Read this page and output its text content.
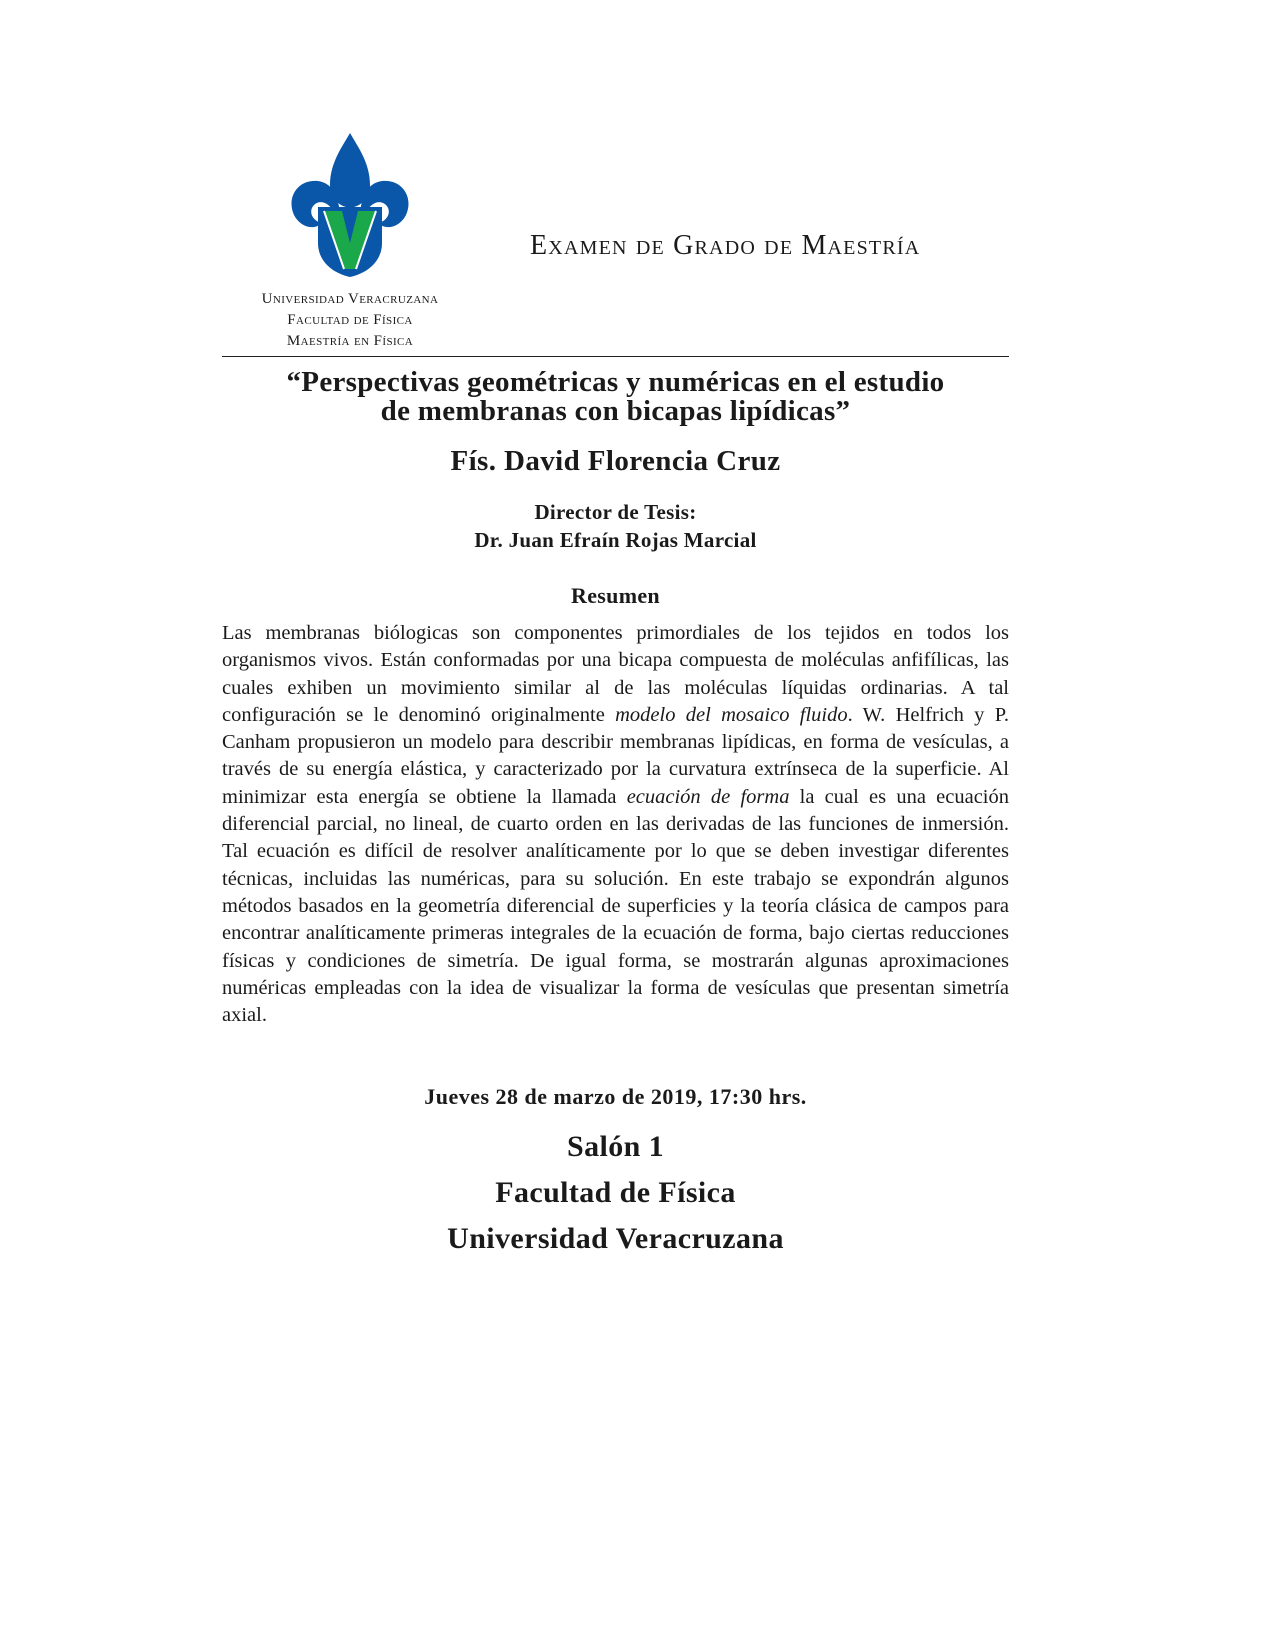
Universidad Veracruzana
Facultad de Física
Maestría en Física
Examen de Grado de Maestría
“Perspectivas geométricas y numéricas en el estudio
de membranas con bicapas lipídicas”
Fís. David Florencia Cruz
Director de Tesis:
Dr. Juan Efraín Rojas Marcial
Resumen
Las membranas biólogicas son componentes primordiales de los tejidos en todos los organismos vivos. Están conformadas por una bicapa compuesta de moléculas anfifílicas, las cuales exhiben un movimiento similar al de las moléculas líquidas ordinarias. A tal configuración se le denominó originalmente modelo del mosaico fluido. W. Helfrich y P. Canham propusieron un modelo para describir membranas lipídicas, en forma de vesículas, a través de su energía elástica, y caracterizado por la curvatura extrínseca de la superficie. Al minimizar esta energía se obtiene la llamada ecuación de forma la cual es una ecuación diferencial parcial, no lineal, de cuarto orden en las derivadas de las funciones de inmersión. Tal ecuación es difícil de resolver analíticamente por lo que se deben investigar diferentes técnicas, incluidas las numéricas, para su solución. En este trabajo se expondrán algunos métodos basados en la geometría diferencial de superficies y la teoría clásica de campos para encontrar analíticamente primeras integrales de la ecuación de forma, bajo ciertas reducciones físicas y condiciones de simetría. De igual forma, se mostrarán algunas aproximaciones numéricas empleadas con la idea de visualizar la forma de vesículas que presentan simetría axial.
Jueves 28 de marzo de 2019, 17:30 hrs.
Salón 1
Facultad de Física
Universidad Veracruzana
